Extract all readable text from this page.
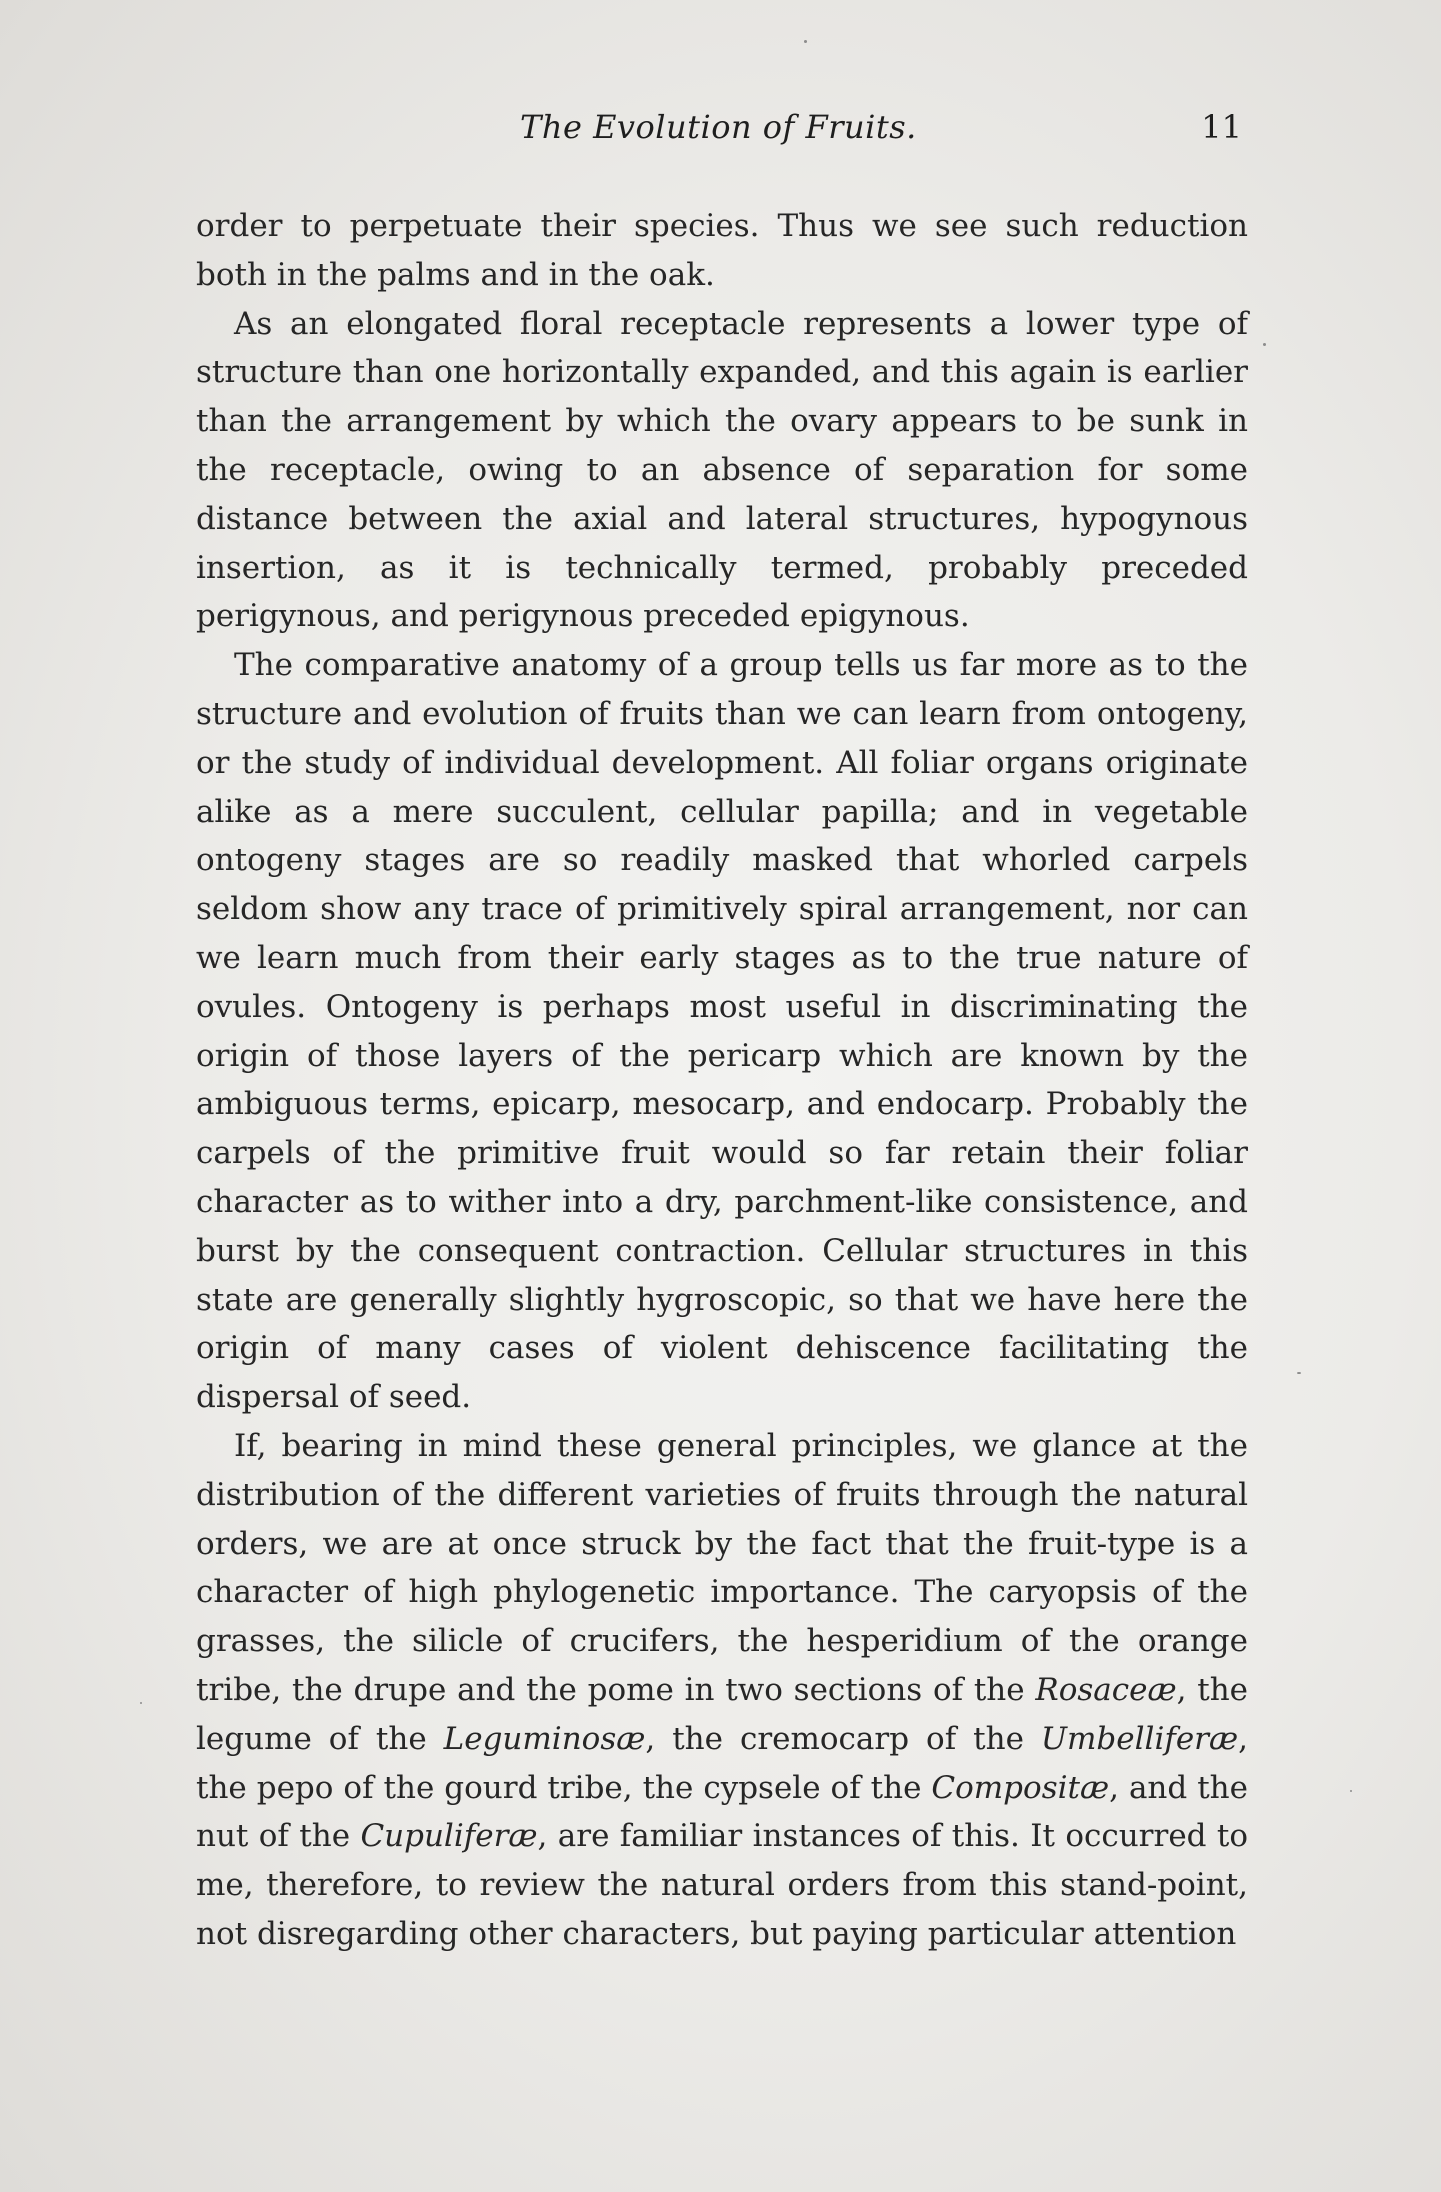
The Evolution of Fruits.	11

order to perpetuate their species. Thus we see such reduction both in the palms and in the oak.

As an elongated floral receptacle represents a lower type of structure than one horizontally expanded, and this again is earlier than the arrangement by which the ovary appears to be sunk in the receptacle, owing to an absence of separation for some distance between the axial and lateral structures, hypogynous insertion, as it is technically termed, probably preceded perigynous, and perigynous preceded epigynous.

The comparative anatomy of a group tells us far more as to the structure and evolution of fruits than we can learn from ontogeny, or the study of individual development. All foliar organs originate alike as a mere succulent, cellular papilla; and in vegetable ontogeny stages are so readily masked that whorled carpels seldom show any trace of primitively spiral arrangement, nor can we learn much from their early stages as to the true nature of ovules. Ontogeny is perhaps most useful in discriminating the origin of those layers of the pericarp which are known by the ambiguous terms, epicarp, mesocarp, and endocarp. Probably the carpels of the primitive fruit would so far retain their foliar character as to wither into a dry, parchment-like consistence, and burst by the consequent contraction. Cellular structures in this state are generally slightly hygroscopic, so that we have here the origin of many cases of violent dehiscence facilitating the dispersal of seed.

If, bearing in mind these general principles, we glance at the distribution of the different varieties of fruits through the natural orders, we are at once struck by the fact that the fruit-type is a character of high phylogenetic importance. The caryopsis of the grasses, the silicle of crucifers, the hesperidium of the orange tribe, the drupe and the pome in two sections of the Rosaceæ, the legume of the Leguminosæ, the cremocarp of the Umbelliferæ, the pepo of the gourd tribe, the cypsele of the Compositæ, and the nut of the Cupuliferæ, are familiar instances of this. It occurred to me, therefore, to review the natural orders from this stand-point, not disregarding other characters, but paying particular attention
